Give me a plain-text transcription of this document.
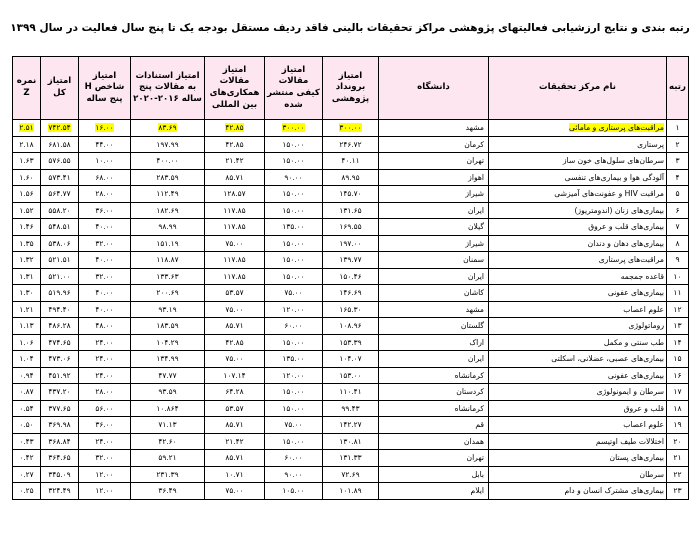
رتبه بندی و نتایج ارزشیابی فعالیتهای پژوهشی مراکز تحقیقات بالینی فاقد ردیف مستقل بودجه یک تا پنج سال فعالیت در سال ۱۳۹۹
رتبه	نام مرکز تحقیقات	دانشگاه	امتیاز برونداد پژوهشی	امتیاز مقالات کیفی منتشر شده	امتیاز مقالات همکاری‌های بین المللی	امتیاز استنادات به مقالات پنج ساله ۲۰۱۶-۲۰۲۰	امتیاز شاخص H پنج ساله	امتیاز کل	نمره Z
۱	مراقبت‌های پرستاری و مامائی	مشهد	۳۰۰.۰۰	۳۰۰.۰۰	۴۲.۸۵	۸۳.۶۹	۱۶.۰۰	۷۴۲.۵۴	۲.۵۱
۲	پرستاری	کرمان	۲۴۶.۷۲	۱۵۰.۰۰	۴۲.۸۵	۱۹۷.۹۹	۴۴.۰۰	۶۸۱.۵۸	۲.۱۸
۳	سرطان‌های سلول‌های خون ساز	تهران	۴۰.۱۱	۱۵۰.۰۰	۲۱.۴۲	۴۰۰.۰۰	۱۰.۰۰	۵۷۶.۵۵	۱.۶۳
۴	آلودگی هوا و بیماری‌های تنفسی	اهواز	۸۹.۹۵	۹۰.۰۰	۸۵.۷۱	۲۸۳.۵۹	۶۸.۰۰	۵۷۳.۴۱	۱.۶۰
۵	مراقبت HIV و عفونت‌های آمیزشی	شیراز	۱۴۵.۷۰	۱۵۰.۰۰	۱۲۸.۵۷	۱۱۲.۴۹	۲۸.۰۰	۵۶۴.۷۷	۱.۵۶
۶	بیماری‌های زنان (اندومتریوز)	ایران	۱۳۱.۶۵	۱۵۰.۰۰	۱۱۷.۸۵	۱۸۲.۶۹	۳۶.۰۰	۵۵۸.۲۰	۱.۵۲
۷	بیماری‌های قلب و عروق	گیلان	۱۶۹.۵۵	۱۳۵.۰۰	۱۱۷.۸۵	۹۸.۹۹	۴۰.۰۰	۵۴۸.۵۱	۱.۴۶
۸	بیماری‌های دهان و دندان	شیراز	۱۹۷.۰۰	۱۵۰.۰۰	۷۵.۰۰	۱۵۱.۱۹	۳۲.۰۰	۵۳۸.۰۶	۱.۳۵
۹	مراقبت‌های پرستاری	سمنان	۱۳۹.۷۷	۱۵۰.۰۰	۱۱۷.۸۵	۱۱۸.۸۷	۴۰.۰۰	۵۲۱.۵۱	۱.۳۲
۱۰	قاعده جمجمه	ایران	۱۵۰.۴۶	۱۵۰.۰۰	۱۱۷.۸۵	۱۳۳.۶۳	۳۲.۰۰	۵۲۱.۰۰	۱.۳۱
۱۱	بیماری‌های عفونی	کاشان	۱۴۶.۶۹	۷۵.۰۰	۵۳.۵۷	۲۰۰.۶۹	۴۰.۰۰	۵۱۹.۹۶	۱.۳۰
۱۲	علوم اعصاب	مشهد	۱۶۵.۳۰	۱۲۰.۰۰	۷۵.۰۰	۹۳.۱۹	۴۰.۰۰	۴۹۴.۴۰	۱.۲۱
۱۳	روماتولوژی	گلستان	۱۰۸.۹۶	۶۰.۰۰	۸۵.۷۱	۱۸۳.۵۹	۴۸.۰۰	۴۸۶.۲۸	۱.۱۳
۱۴	طب سنتی و مکمل	اراک	۱۵۳.۳۹	۱۵۰.۰۰	۴۲.۸۵	۱۰۴.۲۹	۲۴.۰۰	۴۷۴.۶۵	۱.۰۶
۱۵	بیماری‌های عصبی، عضلانی، اسکلتی	ایران	۱۰۴.۰۷	۱۳۵.۰۰	۷۵.۰۰	۱۳۴.۹۹	۲۴.۰۰	۴۷۳.۰۶	۱.۰۴
۱۶	بیماری‌های عفونی	کرمانشاه	۱۵۳.۰۰	۱۲۰.۰۰	۱۰۷.۱۴	۴۷.۷۷	۲۴.۰۰	۴۵۱.۹۲	۰.۹۴
۱۷	سرطان و ایمونولوژی	کردستان	۱۱۰.۴۱	۱۵۰.۰۰	۶۴.۲۸	۹۳.۵۹	۲۸.۰۰	۴۳۷.۲۰	۰.۸۷
۱۸	قلب و عروق	کرمانشاه	۹۹.۴۳	۱۵۰.۰۰	۵۳.۵۷	۱۰.۸۶۴	۵۶.۰۰	۳۷۷.۶۵	۰.۵۴
۱۹	علوم اعصاب	قم	۱۴۲.۲۷	۷۵.۰۰	۸۵.۷۱	۷۱.۱۳	۳۶.۰۰	۳۶۹.۹۸	۰.۵۰
۲۰	اختلالات طیف اوتیسم	همدان	۱۳۰.۸۱	۱۵۰.۰۰	۲۱.۴۲	۴۲.۶۰	۲۴.۰۰	۳۶۸.۸۴	۰.۴۳
۲۱	بیماری‌های پستان	تهران	۱۳۱.۳۳	۶۰.۰۰	۸۵.۷۱	۵۹.۲۱	۳۲.۰۰	۳۶۴.۶۵	۰.۴۲
۲۲	سرطان	بابل	۷۲.۶۹	۹۰.۰۰	۱۰.۷۱	۲۳۱.۳۹	۱۲.۰۰	۳۴۵.۰۹	۰.۲۷
۲۳	بیماری‌های مشترک انسان و دام	ایلام	۱۰۱.۸۹	۱۰۵.۰۰	۷۵.۰۰	۳۶.۴۹	۱۲.۰۰	۳۲۴.۴۹	۰.۲۵
